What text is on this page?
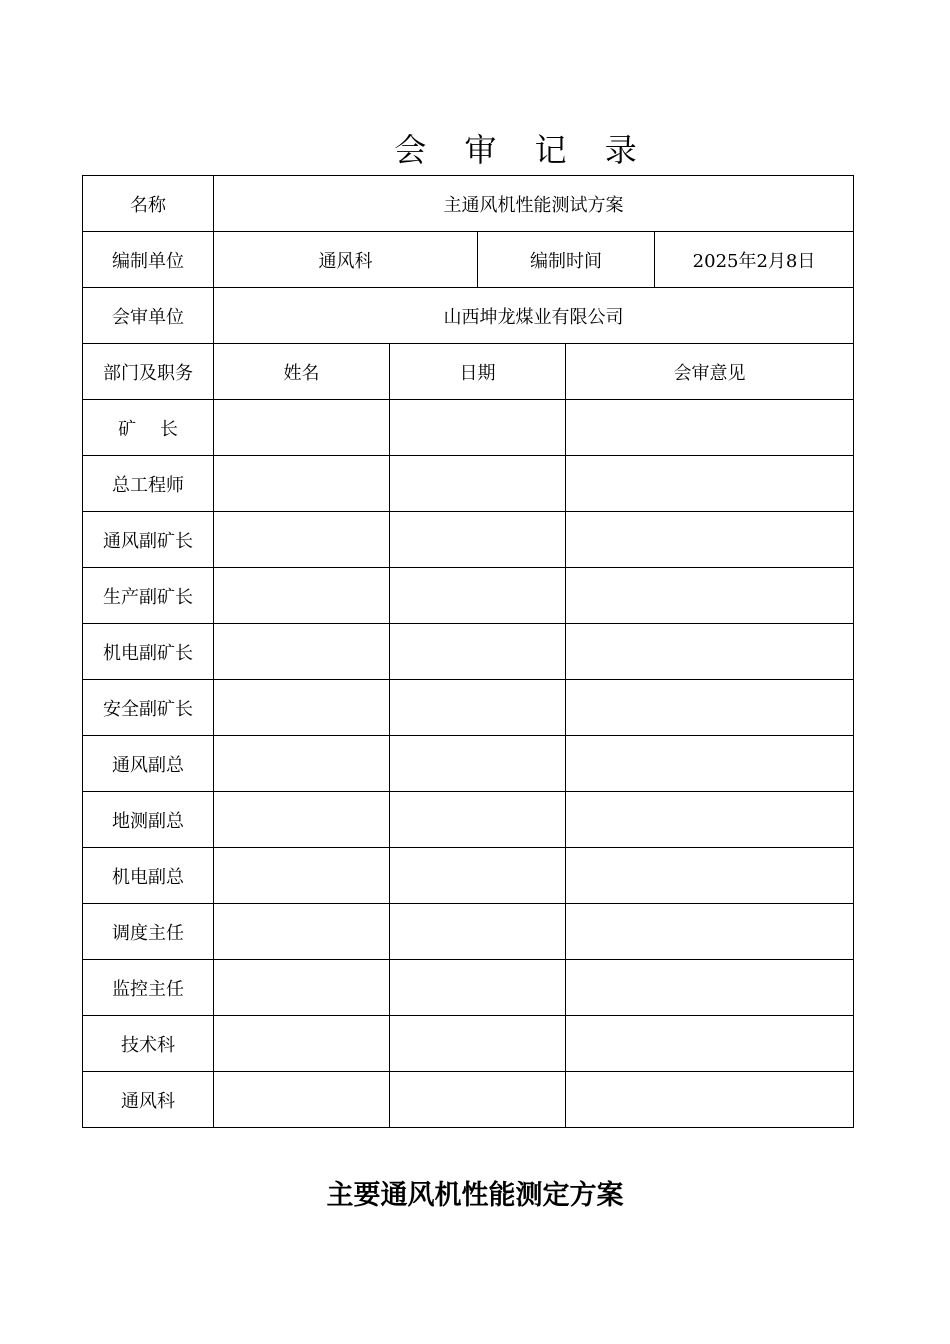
会 审 记 录
名称	主通风机性能测试方案				
编制单位	通风科		编制时间		2025年2月8日
会审单位	山西坤龙煤业有限公司				
部门及职务	姓名	日期		会审意见	
矿　 长					
总工程师					
通风副矿长					
生产副矿长					
机电副矿长					
安全副矿长					
通风副总					
地测副总					
机电副总					
调度主任					
监控主任					
技术科					
通风科					
主要通风机性能测定方案
